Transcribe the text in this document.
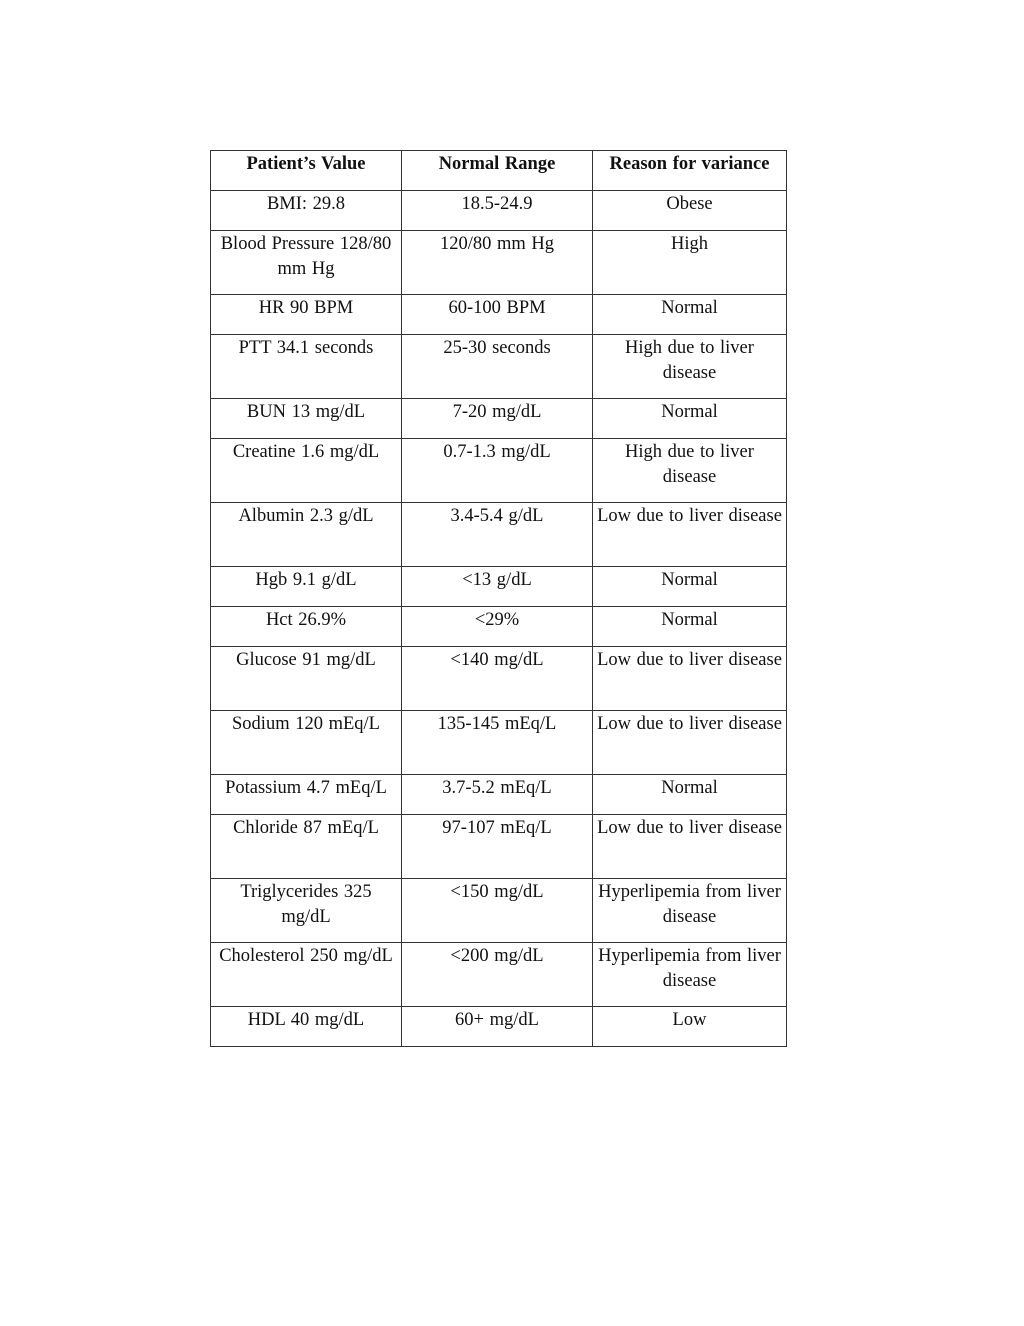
Patient’s Value	Normal Range	Reason for variance
BMI: 29.8	18.5-24.9	Obese
Blood Pressure 128/80 mm Hg	120/80 mm Hg	High
HR 90 BPM	60-100 BPM	Normal
PTT 34.1 seconds	25-30 seconds	High due to liver disease
BUN 13 mg/dL	7-20 mg/dL	Normal
Creatine 1.6 mg/dL	0.7-1.3 mg/dL	High due to liver disease
Albumin 2.3 g/dL	3.4-5.4 g/dL	Low due to liver disease
Hgb 9.1 g/dL	<13 g/dL	Normal
Hct 26.9%	<29%	Normal
Glucose 91 mg/dL	<140 mg/dL	Low due to liver disease
Sodium 120 mEq/L	135-145 mEq/L	Low due to liver disease
Potassium 4.7 mEq/L	3.7-5.2 mEq/L	Normal
Chloride 87 mEq/L	97-107 mEq/L	Low due to liver disease
Triglycerides 325 mg/dL	<150 mg/dL	Hyperlipemia from liver disease
Cholesterol 250 mg/dL	<200 mg/dL	Hyperlipemia from liver disease
HDL 40 mg/dL	60+ mg/dL	Low
